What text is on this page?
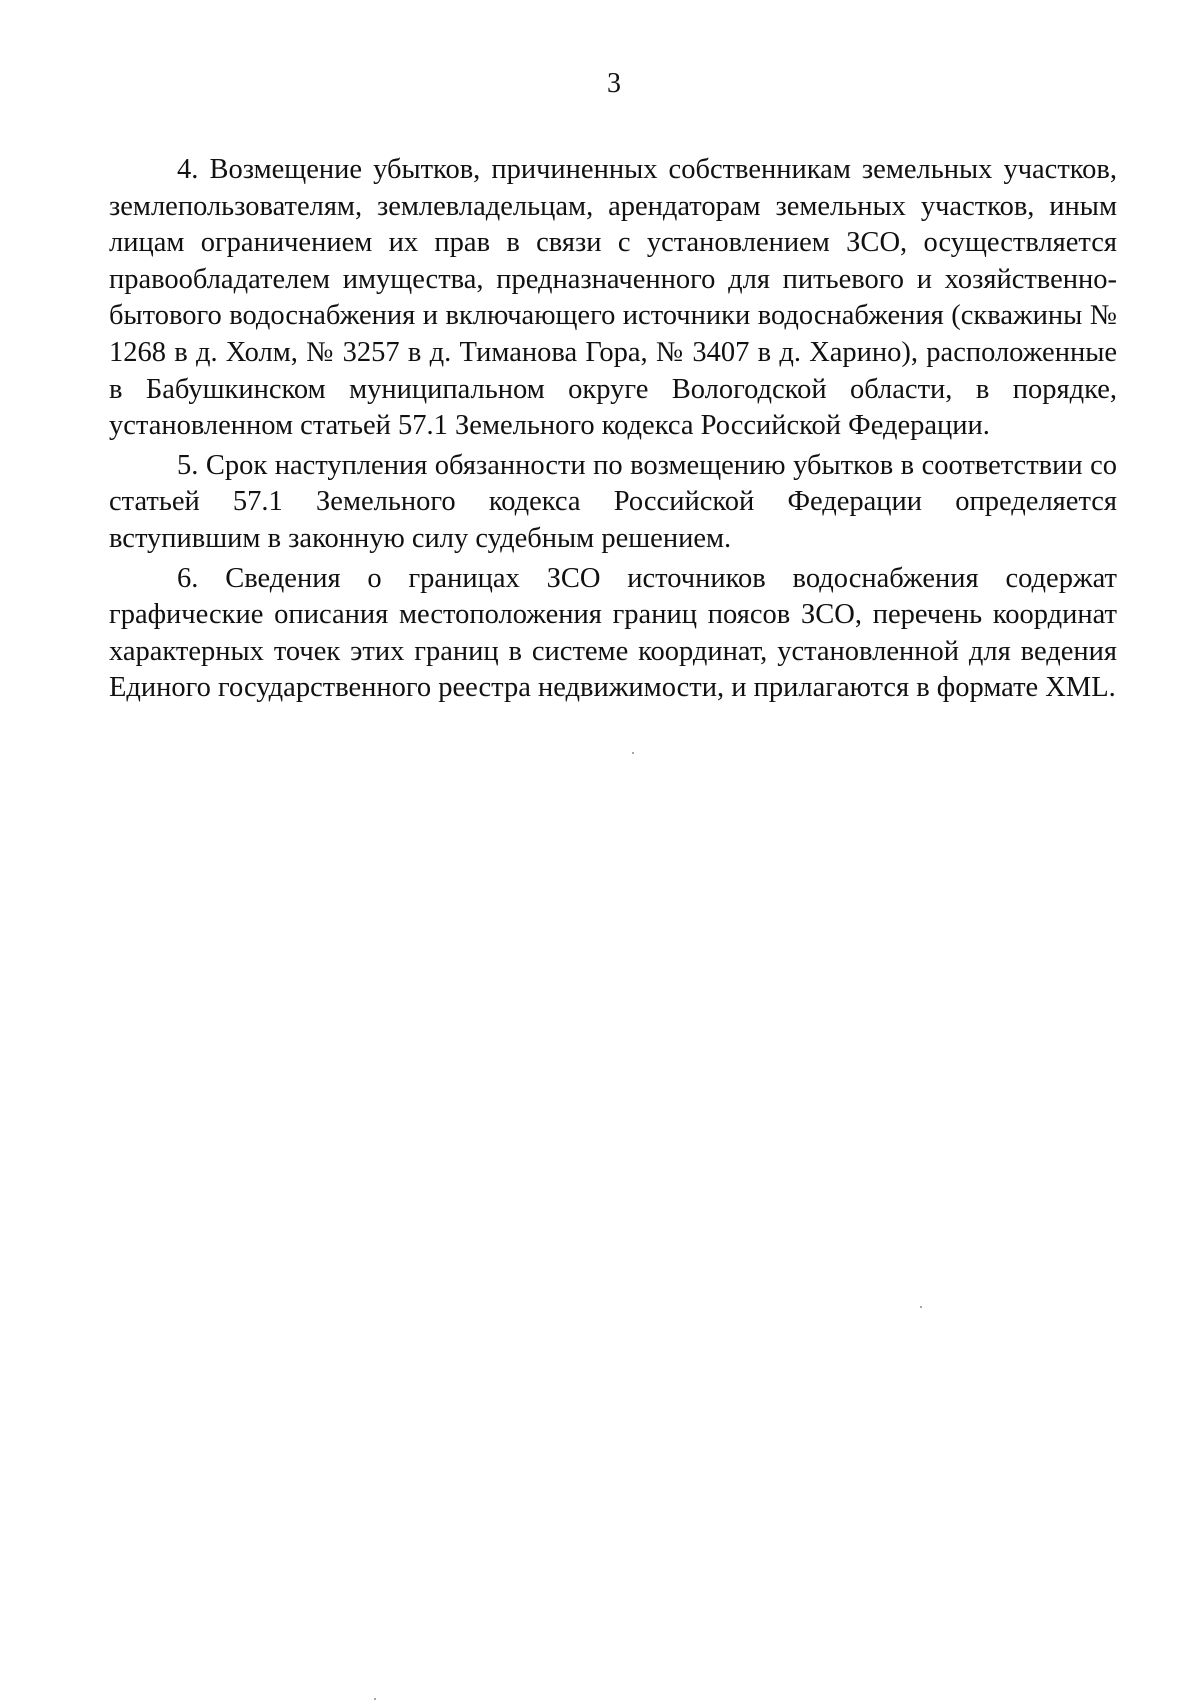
3

4. Возмещение убытков, причиненных собственникам земельных участков, землепользователям, землевладельцам, арендаторам земельных участков, иным лицам ограничением их прав в связи с установлением ЗСО, осуществляется правообладателем имущества, предназначенного для питьевого и хозяйственно-бытового водоснабжения и включающего источники водоснабжения (скважины № 1268 в д. Холм, № 3257 в д. Тиманова Гора, № 3407 в д. Харино), расположенные в Бабушкинском муниципальном округе Вологодской области, в порядке, установленном статьей 57.1 Земельного кодекса Российской Федерации.

5. Срок наступления обязанности по возмещению убытков в соответствии со статьей 57.1 Земельного кодекса Российской Федерации определяется вступившим в законную силу судебным решением.

6. Сведения о границах ЗСО источников водоснабжения содержат графические описания местоположения границ поясов ЗСО, перечень координат характерных точек этих границ в системе координат, установленной для ведения Единого государственного реестра недвижимости, и прилагаются в формате XML.
